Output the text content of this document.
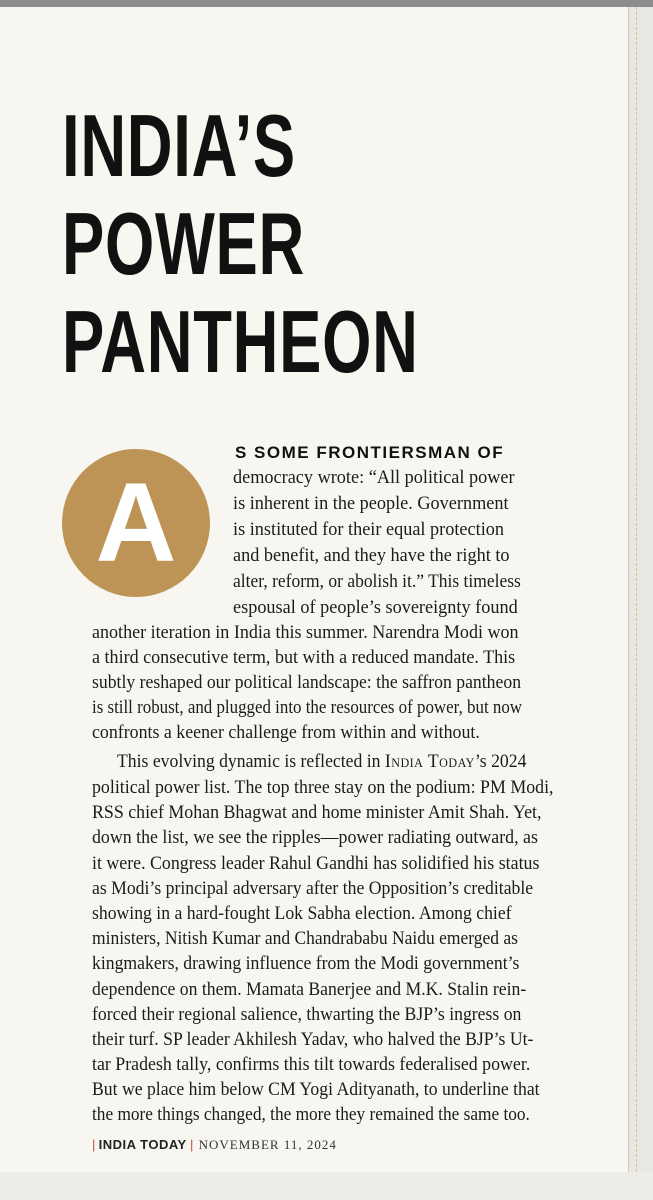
INDIA’S
POWER
PANTHEON
A
S SOME FRONTIERSMAN OF
democracy wrote: “All political power
is inherent in the people. Government
is instituted for their equal protection
and benefit, and they have the right to
alter, reform, or abolish it.” This timeless
espousal of people’s sovereignty found
another iteration in India this summer. Narendra Modi won
a third consecutive term, but with a reduced mandate. This
subtly reshaped our political landscape: the saffron pantheon
is still robust, and plugged into the resources of power, but now
confronts a keener challenge from within and without.
This evolving dynamic is reflected in India Today’s 2024
political power list. The top three stay on the podium: PM Modi,
RSS chief Mohan Bhagwat and home minister Amit Shah. Yet,
down the list, we see the ripples—power radiating outward, as
it were. Congress leader Rahul Gandhi has solidified his status
as Modi’s principal adversary after the Opposition’s creditable
showing in a hard-fought Lok Sabha election. Among chief
ministers, Nitish Kumar and Chandrababu Naidu emerged as
kingmakers, drawing influence from the Modi government’s
dependence on them. Mamata Banerjee and M.K. Stalin rein-
forced their regional salience, thwarting the BJP’s ingress on
their turf. SP leader Akhilesh Yadav, who halved the BJP’s Ut-
tar Pradesh tally, confirms this tilt towards federalised power.
But we place him below CM Yogi Adityanath, to underline that
the more things changed, the more they remained the same too.
| INDIA TODAY | NOVEMBER 11, 2024
